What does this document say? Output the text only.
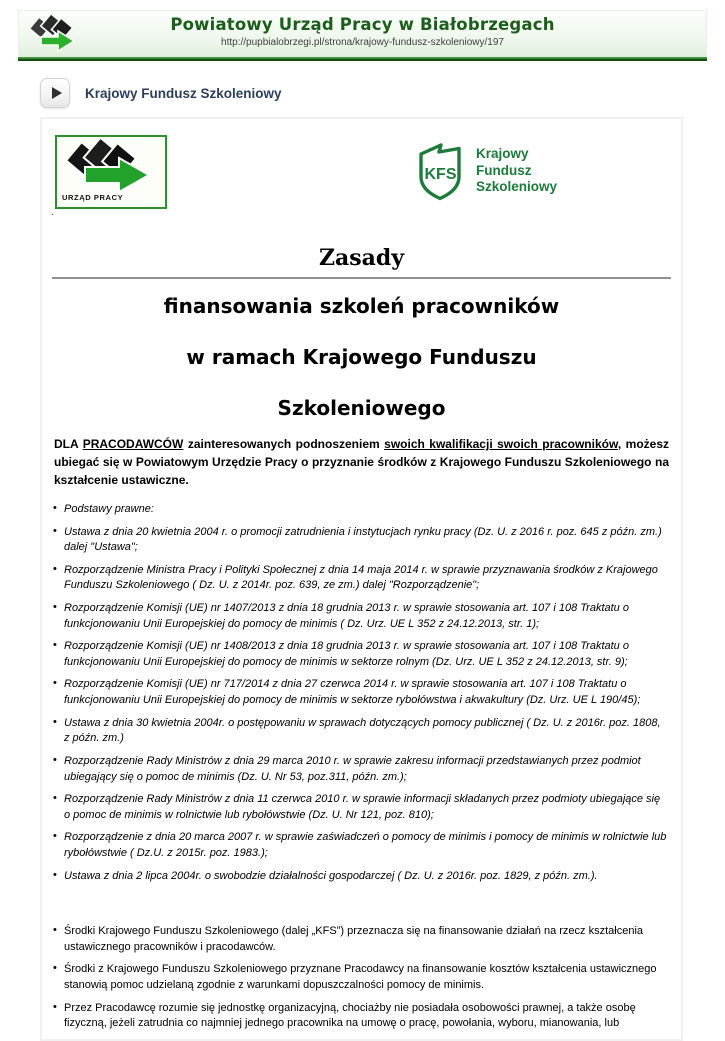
Powiatowy Urząd Pracy w Białobrzegach
http://pupbialobrzegi.pl/strona/krajowy-fundusz-szkoleniowy/197
Krajowy Fundusz Szkoleniowy
URZĄD PRACY
.
KFS
Krajowy
Fundusz
Szkoleniowy
Zasady
finansowania szkoleń pracowników
w ramach Krajowego Funduszu
Szkoleniowego

DLA PRACODAWCÓW zainteresowanych podnoszeniem swoich kwalifikacji swoich pracowników, możesz ubiegać się w Powiatowym Urzędzie Pracy o przyznanie środków z Krajowego Funduszu Szkoleniowego na kształcenie ustawiczne.

• Podstawy prawne:
• Ustawa z dnia 20 kwietnia 2004 r. o promocji zatrudnienia i instytucjach rynku pracy (Dz. U. z 2016 r. poz. 645 z późn. zm.) dalej "Ustawa";
• Rozporządzenie Ministra Pracy i Polityki Społecznej z dnia 14 maja 2014 r. w sprawie przyznawania środków z Krajowego Funduszu Szkoleniowego ( Dz. U. z 2014r. poz. 639, ze zm.) dalej "Rozporządzenie";
• Rozporządzenie Komisji (UE) nr 1407/2013 z dnia 18 grudnia 2013 r. w sprawie stosowania art. 107 i 108 Traktatu o funkcjonowaniu Unii Europejskiej do pomocy de minimis ( Dz. Urz. UE L 352 z 24.12.2013, str. 1);
• Rozporządzenie Komisji (UE) nr 1408/2013 z dnia 18 grudnia 2013 r. w sprawie stosowania art. 107 i 108 Traktatu o funkcjonowaniu Unii Europejskiej do pomocy de minimis w sektorze rolnym (Dz. Urz. UE L 352 z 24.12.2013, str. 9);
• Rozporządzenie Komisji (UE) nr 717/2014 z dnia 27 czerwca 2014 r. w sprawie stosowania art. 107 i 108 Traktatu o funkcjonowaniu Unii Europejskiej do pomocy de minimis w sektorze rybołówstwa i akwakultury (Dz. Urz. UE L 190/45);
• Ustawa z dnia 30 kwietnia 2004r. o postępowaniu w sprawach dotyczących pomocy publicznej ( Dz. U. z 2016r. poz. 1808, z późn. zm.)
• Rozporządzenie Rady Ministrów z dnia 29 marca 2010 r. w sprawie zakresu informacji przedstawianych przez podmiot ubiegający się o pomoc de minimis (Dz. U. Nr 53, poz.311, późn. zm.);
• Rozporządzenie Rady Ministrów z dnia 11 czerwca 2010 r. w sprawie informacji składanych przez podmioty ubiegające się o pomoc de minimis w rolnictwie lub rybołówstwie (Dz. U. Nr 121, poz. 810);
• Rozporządzenie z dnia 20 marca 2007 r. w sprawie zaświadczeń o pomocy de minimis i pomocy de minimis w rolnictwie lub rybołówstwie ( Dz.U. z 2015r. poz. 1983.);
• Ustawa z dnia 2 lipca 2004r. o swobodzie działalności gospodarczej ( Dz. U. z 2016r. poz. 1829, z późn. zm.).
• Środki Krajowego Funduszu Szkoleniowego (dalej „KFS”) przeznacza się na finansowanie działań na rzecz kształcenia ustawicznego pracowników i pracodawców.
• Środki z Krajowego Funduszu Szkoleniowego przyznane Pracodawcy na finansowanie kosztów kształcenia ustawicznego stanowią pomoc udzielaną zgodnie z warunkami dopuszczalności pomocy de minimis.
• Przez Pracodawcę rozumie się jednostkę organizacyjną, chociażby nie posiadała osobowości prawnej, a także osobę fizyczną, jeżeli zatrudnia co najmniej jednego pracownika na umowę o pracę, powołania, wyboru, mianowania, lub
